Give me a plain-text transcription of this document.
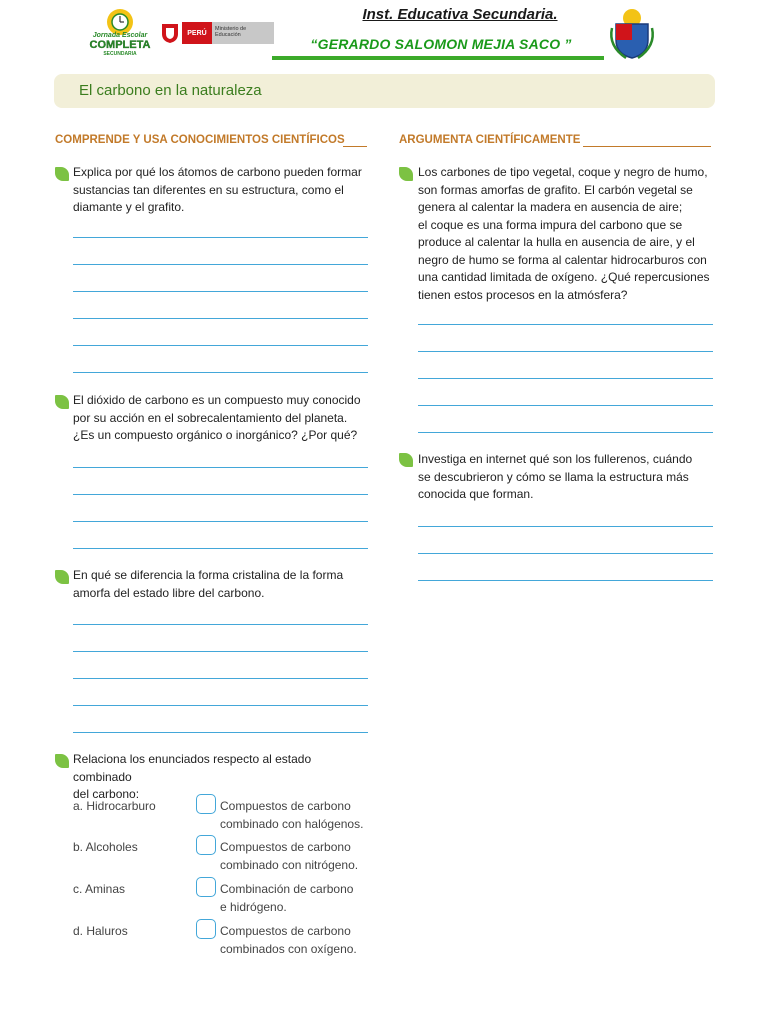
Jornada Escolar
COMPLETA
SECUNDARIA
PERÚ
Ministerio de Educación
Inst. Educativa Secundaria.
“GERARDO SALOMON MEJIA SACO ”
El carbono en la naturaleza
COMPRENDE Y USA CONOCIMIENTOS CIENTÍFICOS
Explica por qué los átomos de carbono pueden formar
sustancias tan diferentes en su estructura, como el
diamante y el grafito.
El dióxido de carbono es un compuesto muy conocido
por su acción en el sobrecalentamiento del planeta.
¿Es un compuesto orgánico o inorgánico? ¿Por qué?
En qué se diferencia la forma cristalina de la forma
amorfa del estado libre del carbono.
Relaciona los enunciados respecto al estado combinado
del carbono:
a. Hidrocarburo	Compuestos de carbono
combinado con halógenos.
b. Alcoholes	Compuestos de carbono
combinado con nitrógeno.
c. Aminas	Combinación de carbono
e hidrógeno.
d. Haluros	Compuestos de carbono
combinados con oxígeno.
ARGUMENTA CIENTÍFICAMENTE
Los carbones de tipo vegetal, coque y negro de humo,
son formas amorfas de grafito. El carbón vegetal se
genera al calentar la madera en ausencia de aire;
el coque es una forma impura del carbono que se
produce al calentar la hulla en ausencia de aire, y el
negro de humo se forma al calentar hidrocarburos con
una cantidad limitada de oxígeno. ¿Qué repercusiones
tienen estos procesos en la atmósfera?
Investiga en internet qué son los fullerenos, cuándo
se descubrieron y cómo se llama la estructura más
conocida que forman.
